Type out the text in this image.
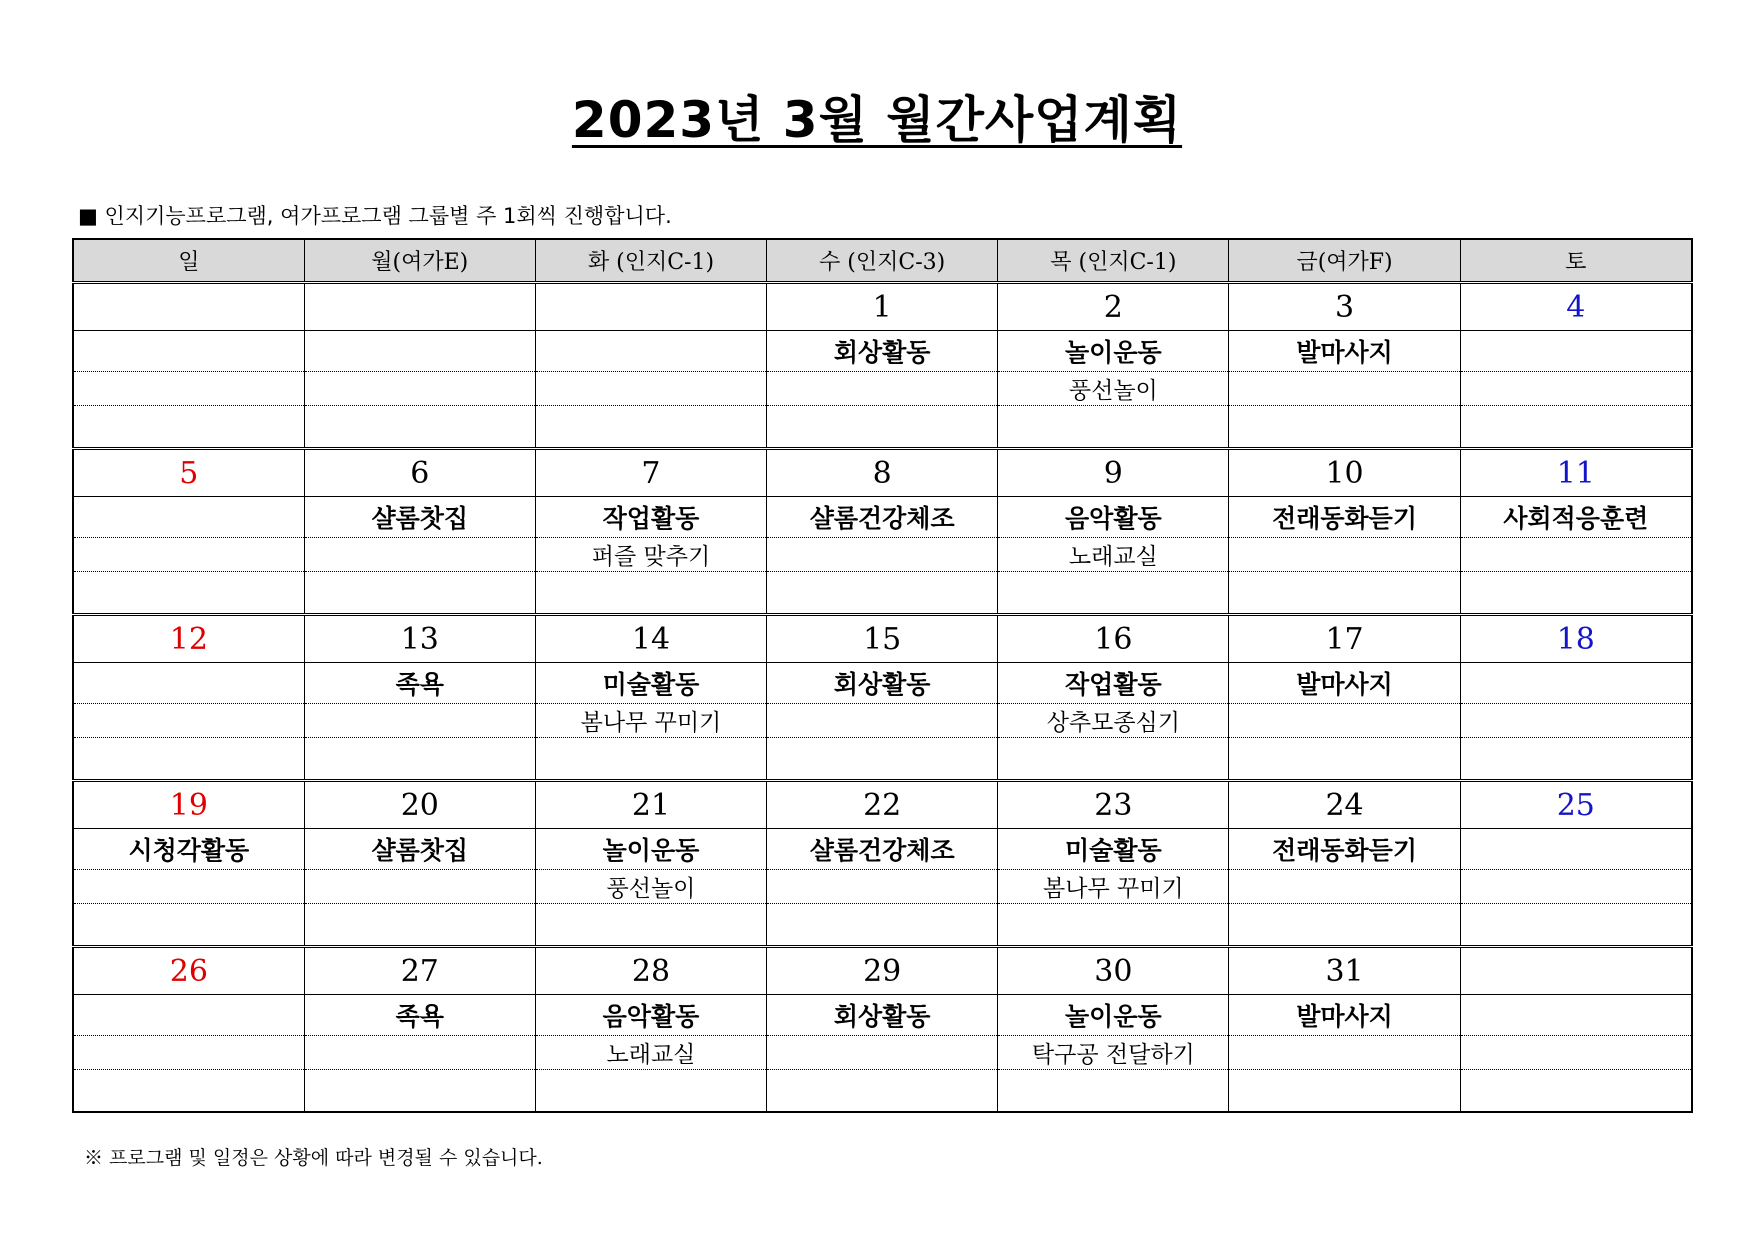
2023년 3월 월간사업계획
■ 인지기능프로그램, 여가프로그램 그룹별 주 1회씩 진행합니다.
일	월(여가E)	화 (인지C-1)	수 (인지C-3)	목 (인지C-1)	금(여가F)	토
			1	2	3	4
			회상활동	놀이운동	발마사지	
				풍선놀이		

5	6	7	8	9	10	11
	샬롬찻집	작업활동	샬롬건강체조	음악활동	전래동화듣기	사회적응훈련
		퍼즐 맞추기		노래교실		

12	13	14	15	16	17	18
	족욕	미술활동	회상활동	작업활동	발마사지	
		봄나무 꾸미기		상추모종심기		

19	20	21	22	23	24	25
시청각활동	샬롬찻집	놀이운동	샬롬건강체조	미술활동	전래동화듣기	
		풍선놀이		봄나무 꾸미기		

26	27	28	29	30	31	
	족욕	음악활동	회상활동	놀이운동	발마사지	
		노래교실		탁구공 전달하기		

※ 프로그램 및 일정은 상황에 따라 변경될 수 있습니다.
